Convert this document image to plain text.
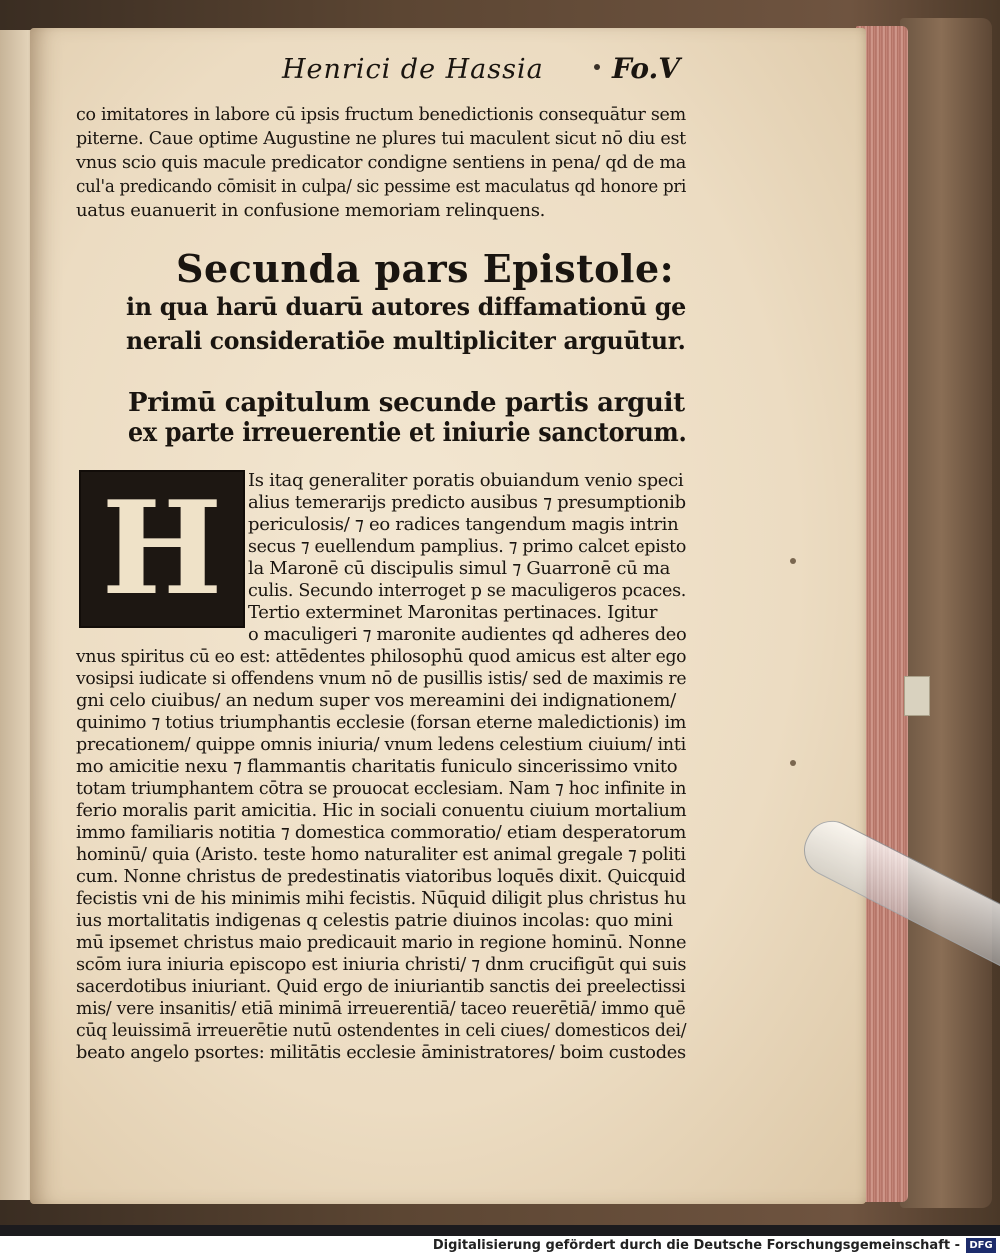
Henrici de Hassia Fo.V
co imitatores in labore cū ipsis fructum benedictionis consequātur sem
piterne. Caue optime Augustine ne plures tui maculent sicut nō diu est
vnus scio quis macule predicator condigne sentiens in pena/ qd de ma
cul'a predicando cōmisit in culpa/ sic pessime est maculatus qd honore pri
uatus euanuerit in confusione memoriam relinquens.
Secunda pars Epistole:
in qua harū duarū autores diffamationū ge
nerali consideratiōe multipliciter arguūtur.
Primū capitulum secunde partis arguit
ex parte irreuerentie et iniurie sanctorum.
H	Is itaq generaliter poratis obuiandum venio speci
alius temerarijs predicto ausibus ⁊ presumptionib
periculosis/ ⁊ eo radices tangendum magis intrin
secus ⁊ euellendum pamplius. ⁊ primo calcet episto
la Maronē cū discipulis simul ⁊ Guarronē cū ma
culis. Secundo interroget p se maculigeros pcaces.
Tertio exterminet Maronitas pertinaces. Igitur
o maculigeri ⁊ maronite audientes qd adheres deo
vnus spiritus cū eo est: attēdentes philosophū quod amicus est alter ego
vosipsi iudicate si offendens vnum nō de pusillis istis/ sed de maximis re
gni celo ciuibus/ an nedum super vos mereamini dei indignationem/
quinimo ⁊ totius triumphantis ecclesie (forsan eterne maledictionis) im
precationem/ quippe omnis iniuria/ vnum ledens celestium ciuium/ inti
mo amicitie nexu ⁊ flammantis charitatis funiculo sincerissimo vnito
totam triumphantem cōtra se prouocat ecclesiam. Nam ⁊ hoc infinite in
ferio moralis parit amicitia. Hic in sociali conuentu ciuium mortalium
immo familiaris notitia ⁊ domestica commoratio/ etiam desperatorum
hominū/ quia (Aristo. teste homo naturaliter est animal gregale ⁊ politi
cum. Nonne christus de predestinatis viatoribus loquēs dixit. Quicquid
fecistis vni de his minimis mihi fecistis. Nūquid diligit plus christus hu
ius mortalitatis indigenas q celestis patrie diuinos incolas: quo mini
mū ipsemet christus maio predicauit mario in regione hominū. Nonne
scōm iura iniuria episcopo est iniuria christi/ ⁊ dnm crucifigūt qui suis
sacerdotibus iniuriant. Quid ergo de iniuriantib sanctis dei preelectissi
mis/ vere insanitis/ etiā minimā irreuerentiā/ taceo reuerētiā/ immo quē
cūq leuissimā irreuerētie nutū ostendentes in celi ciues/ domesticos dei/
beato angelo psortes: militātis ecclesie āministratores/ boim custodes
Digitalisierung gefördert durch die Deutsche Forschungsgemeinschaft - DFG
